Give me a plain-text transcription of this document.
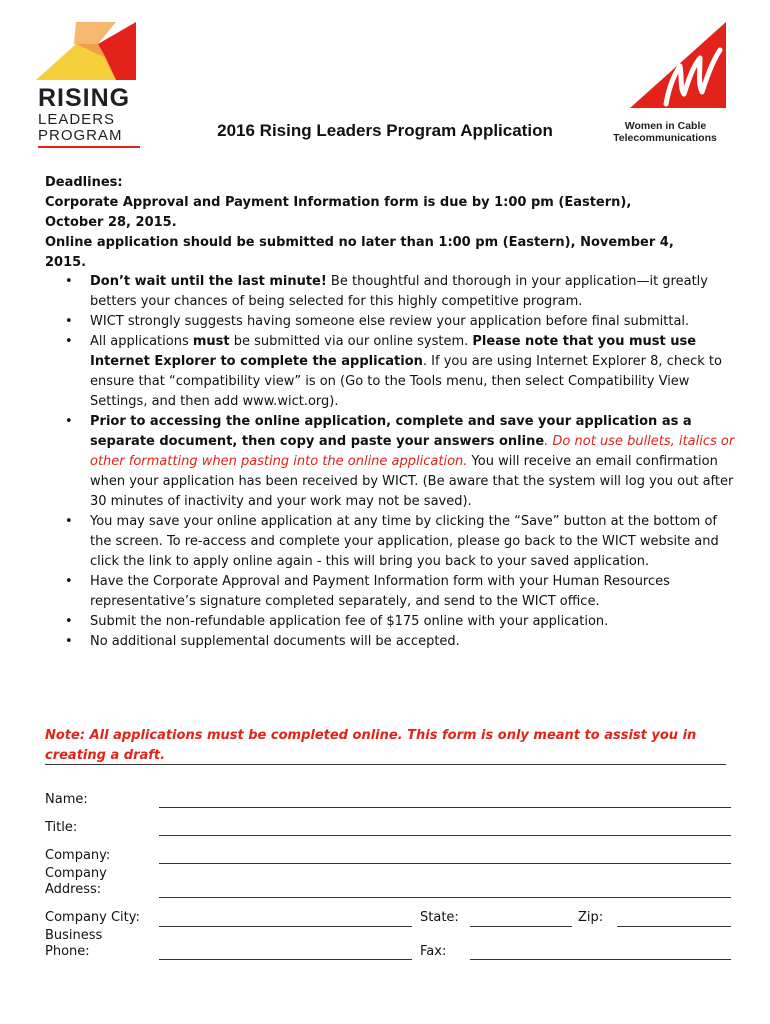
RISING
LEADERS
PROGRAM	2016 Rising Leaders Program Application	Women in Cable
Telecommunications
Deadlines:
Corporate Approval and Payment Information form is due by 1:00 pm (Eastern),
October 28, 2015.
Online application should be submitted no later than 1:00 pm (Eastern), November 4,
2015.
• Don’t wait until the last minute! Be thoughtful and thorough in your application—it greatly betters your chances of being selected for this highly competitive program.
• WICT strongly suggests having someone else review your application before final submittal.
• All applications must be submitted via our online system. Please note that you must use Internet Explorer to complete the application. If you are using Internet Explorer 8, check to ensure that “compatibility view” is on (Go to the Tools menu, then select Compatibility View Settings, and then add www.wict.org).
• Prior to accessing the online application, complete and save your application as a separate document, then copy and paste your answers online. Do not use bullets, italics or other formatting when pasting into the online application. You will receive an email confirmation when your application has been received by WICT. (Be aware that the system will log you out after 30 minutes of inactivity and your work may not be saved).
• You may save your online application at any time by clicking the “Save” button at the bottom of the screen. To re-access and complete your application, please go back to the WICT website and click the link to apply online again - this will bring you back to your saved application.
• Have the Corporate Approval and Payment Information form with your Human Resources representative’s signature completed separately, and send to the WICT office.
• Submit the non-refundable application fee of $175 online with your application.
• No additional supplemental documents will be accepted.
Note: All applications must be completed online. This form is only meant to assist you in creating a draft.
Name:
Title:
Company:
Company
Address:
Company City:	State:	Zip:
Business
Phone:	Fax:
